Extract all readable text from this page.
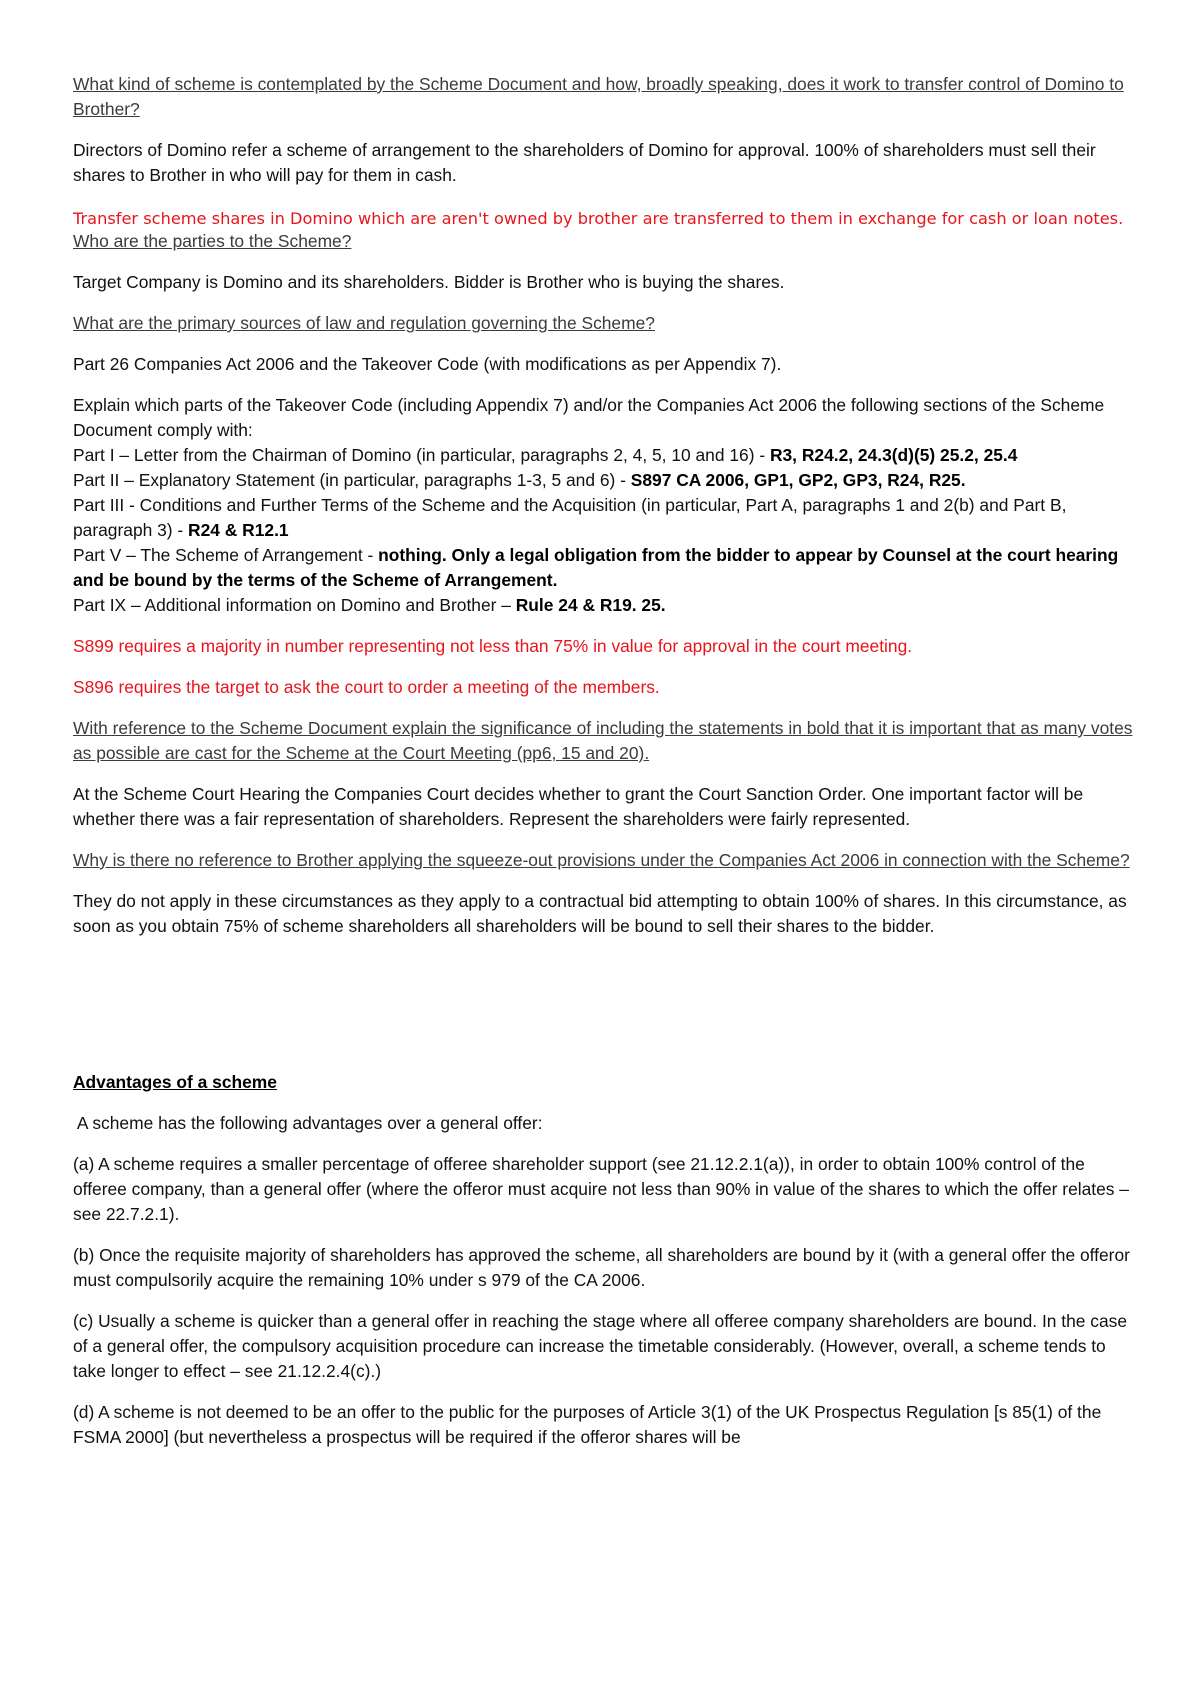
What kind of scheme is contemplated by the Scheme Document and how, broadly speaking, does it work to transfer control of Domino to Brother?

Directors of Domino refer a scheme of arrangement to the shareholders of Domino for approval. 100% of shareholders must sell their shares to Brother in who will pay for them in cash.

Transfer scheme shares in Domino which are aren't owned by brother are transferred to them in exchange for cash or loan notes.

Who are the parties to the Scheme?

Target Company is Domino and its shareholders. Bidder is Brother who is buying the shares.

What are the primary sources of law and regulation governing the Scheme?

Part 26 Companies Act 2006 and the Takeover Code (with modifications as per Appendix 7).

Explain which parts of the Takeover Code (including Appendix 7) and/or the Companies Act 2006 the following sections of the Scheme Document comply with:

Part I – Letter from the Chairman of Domino (in particular, paragraphs 2, 4, 5, 10 and 16) - R3, R24.2, 24.3(d)(5) 25.2, 25.4

Part II – Explanatory Statement (in particular, paragraphs 1-3, 5 and 6) - S897 CA 2006, GP1, GP2, GP3, R24, R25.

Part III - Conditions and Further Terms of the Scheme and the Acquisition (in particular, Part A, paragraphs 1 and 2(b) and Part B, paragraph 3) - R24 & R12.1

Part V – The Scheme of Arrangement - nothing. Only a legal obligation from the bidder to appear by Counsel at the court hearing and be bound by the terms of the Scheme of Arrangement.

Part IX – Additional information on Domino and Brother – Rule 24 & R19. 25.

S899 requires a majority in number representing not less than 75% in value for approval in the court meeting.

S896 requires the target to ask the court to order a meeting of the members.

With reference to the Scheme Document explain the significance of including the statements in bold that it is important that as many votes as possible are cast for the Scheme at the Court Meeting (pp6, 15 and 20).

At the Scheme Court Hearing the Companies Court decides whether to grant the Court Sanction Order. One important factor will be whether there was a fair representation of shareholders. Represent the shareholders were fairly represented.

Why is there no reference to Brother applying the squeeze-out provisions under the Companies Act 2006 in connection with the Scheme?

They do not apply in these circumstances as they apply to a contractual bid attempting to obtain 100% of shares. In this circumstance, as soon as you obtain 75% of scheme shareholders all shareholders will be bound to sell their shares to the bidder.

Advantages of a scheme

A scheme has the following advantages over a general offer:

(a) A scheme requires a smaller percentage of offeree shareholder support (see 21.12.2.1(a)), in order to obtain 100% control of the offeree company, than a general offer (where the offeror must acquire not less than 90% in value of the shares to which the offer relates – see 22.7.2.1).

(b) Once the requisite majority of shareholders has approved the scheme, all shareholders are bound by it (with a general offer the offeror must compulsorily acquire the remaining 10% under s 979 of the CA 2006.

(c) Usually a scheme is quicker than a general offer in reaching the stage where all offeree company shareholders are bound. In the case of a general offer, the compulsory acquisition procedure can increase the timetable considerably. (However, overall, a scheme tends to take longer to effect – see 21.12.2.4(c).)

(d) A scheme is not deemed to be an offer to the public for the purposes of Article 3(1) of the UK Prospectus Regulation [s 85(1) of the FSMA 2000] (but nevertheless a prospectus will be required if the offeror shares will be
